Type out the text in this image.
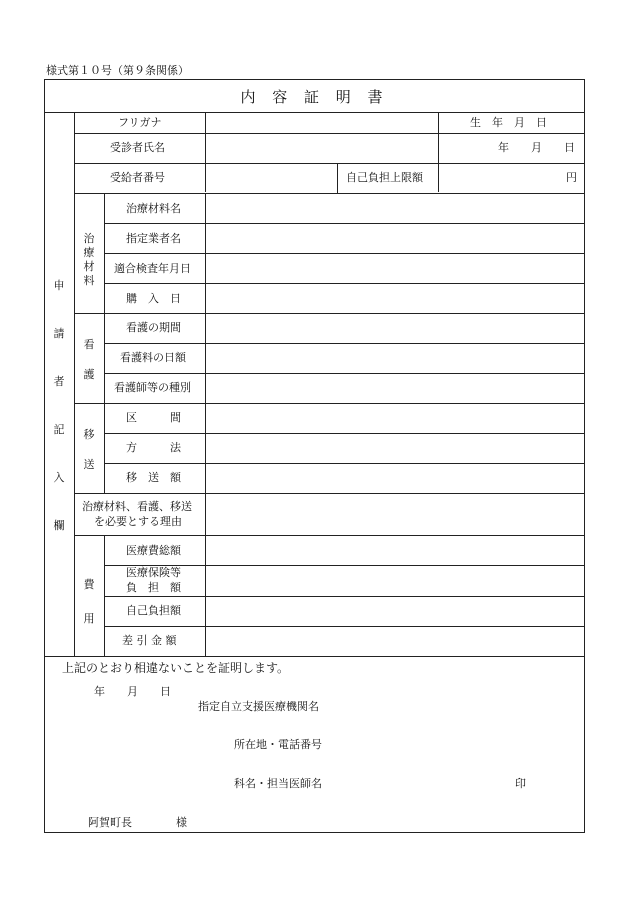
様式第１０号（第９条関係）
内 容 証 明 書
申請者記入欄
フリガナ	生　年　月　日
受診者氏名	年　　月　　日
受給者番号	自己負担上限額	円
治療材料
治療材料名
指定業者名
適合検査年月日
購　入　日
看護
看護の期間
看護料の日額
看護師等の種別
移送
区　　　間
方　　　法
移　送　額
治療材料、看護、移送
を必要とする理由
費用
医療費総額
医療保険等
負　担　額
自己負担額
差 引 金 額
上記のとおり相違ないことを証明します。
年　　月　　日
指定自立支援医療機関名
所在地・電話番号
科名・担当医師名	印
阿賀町長　　　　様
